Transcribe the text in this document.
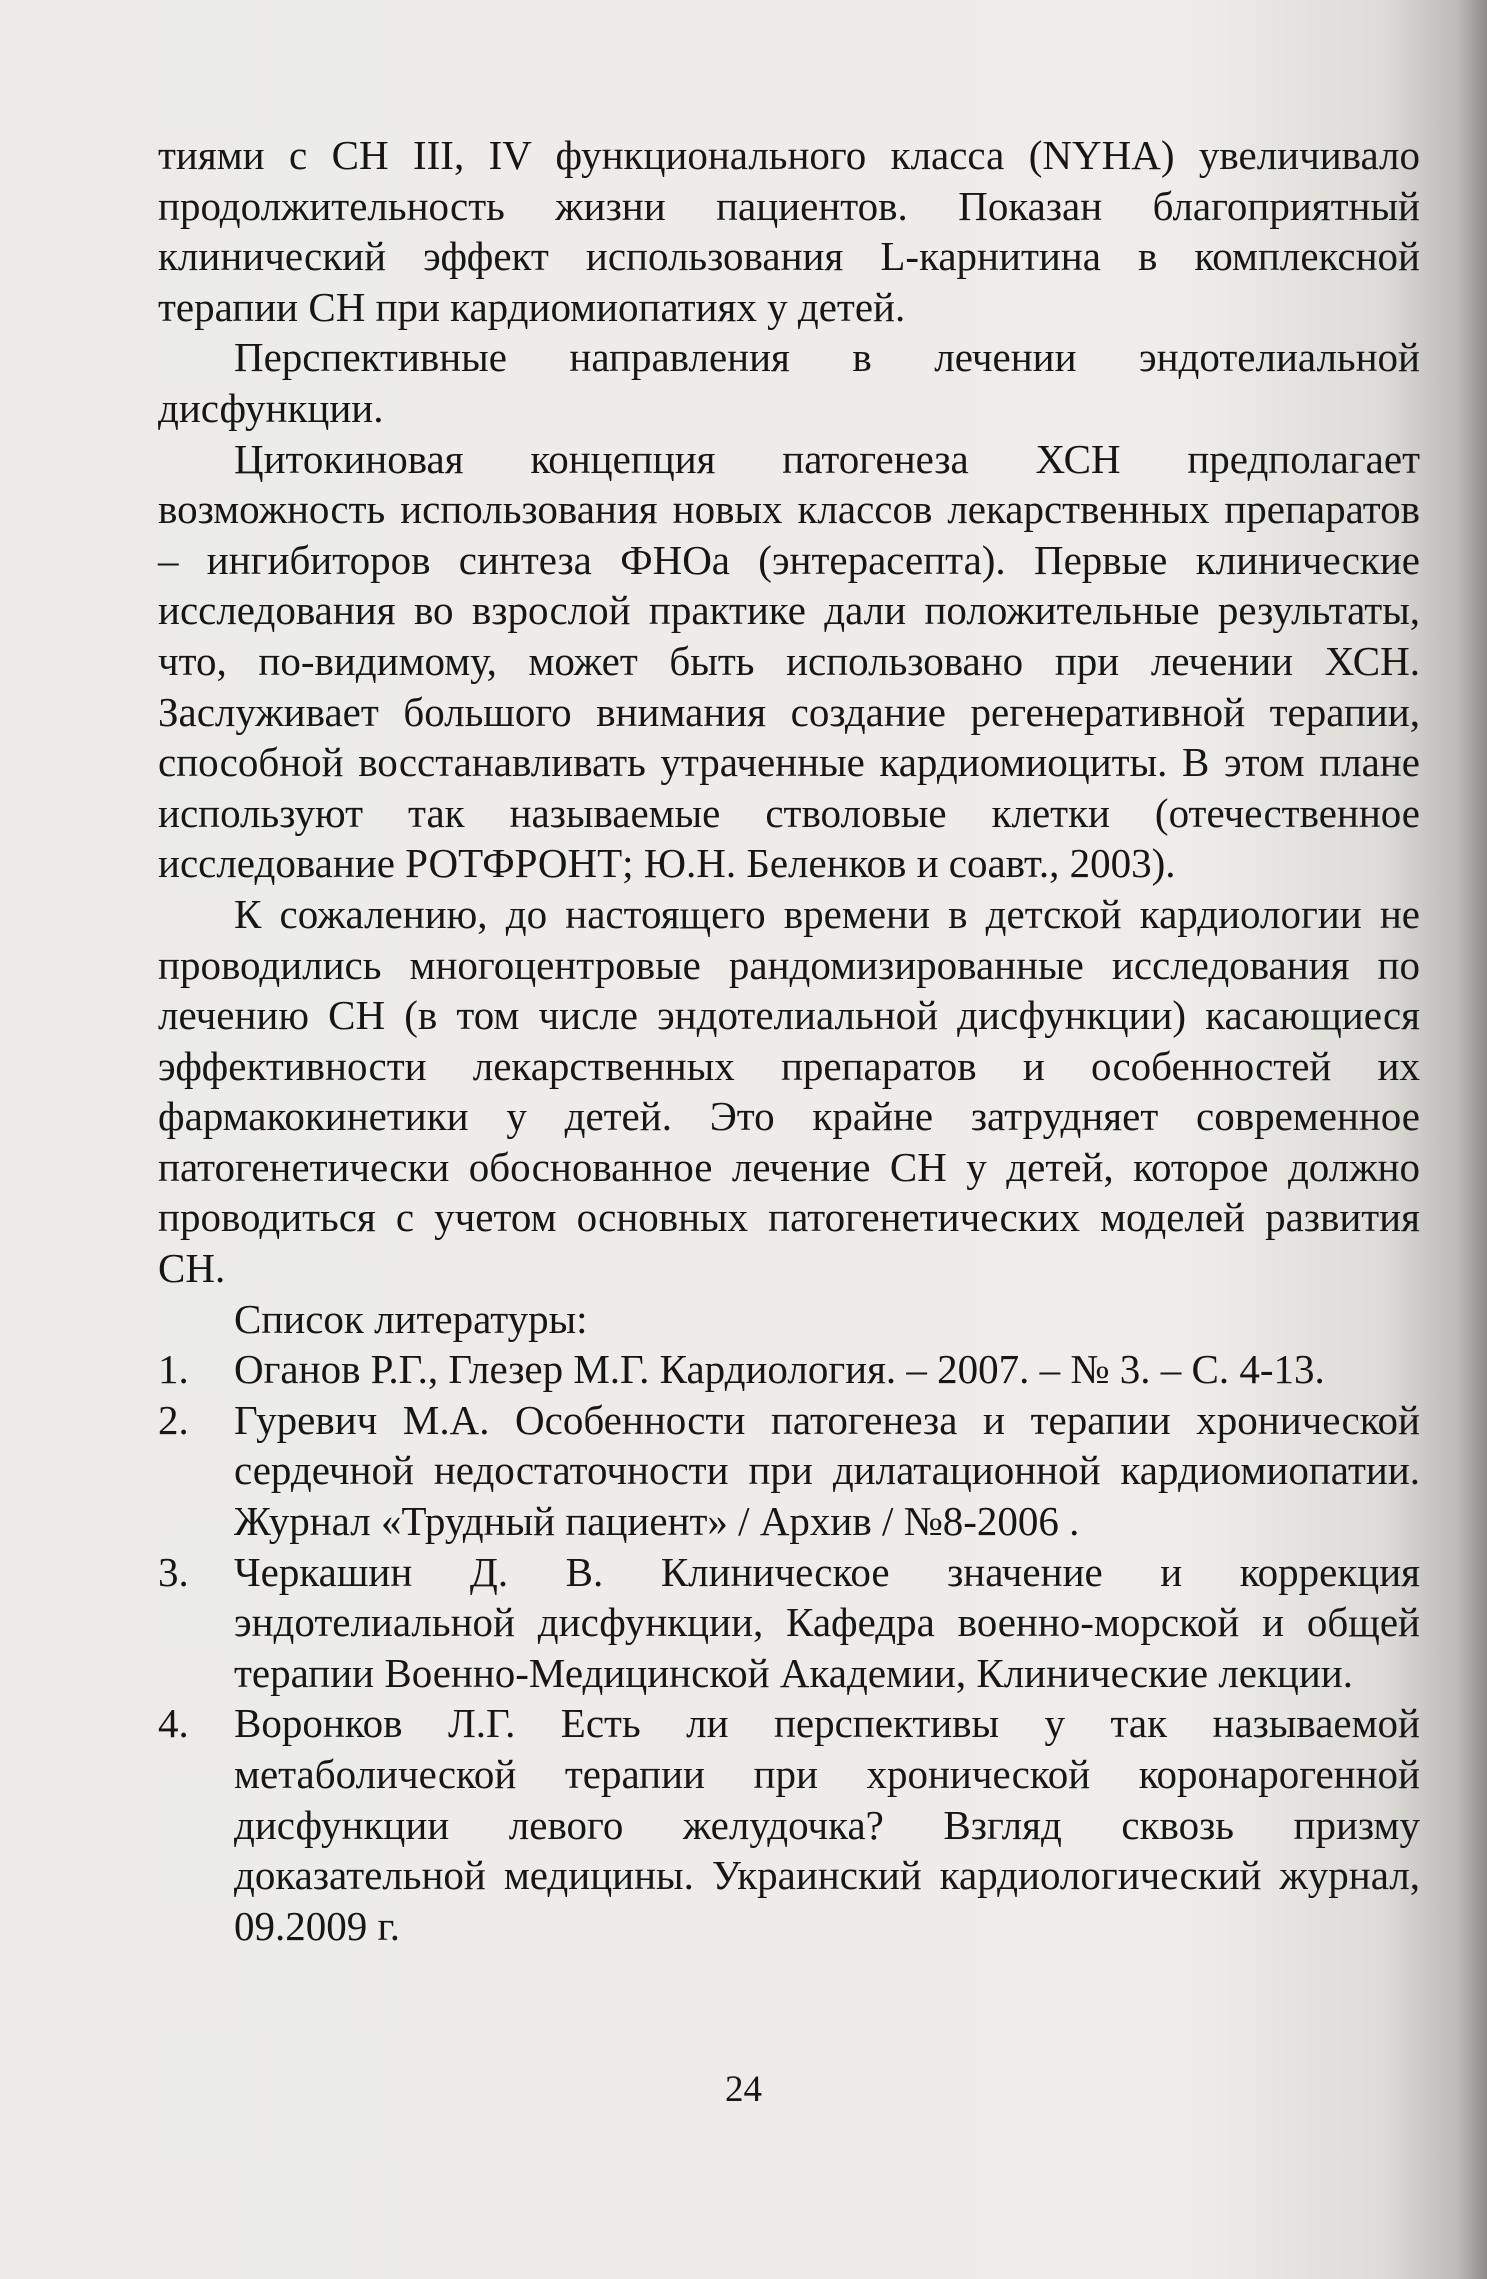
тиями с СН III, IV функционального класса (NYHA) увеличивало продолжительность жизни пациентов. Показан благоприятный клинический эффект использования L-карнитина в комплексной терапии СН при кардиомиопатиях у детей.

Перспективные направления в лечении эндотелиальной дисфункции.

Цитокиновая концепция патогенеза ХСН предполагает возможность использования новых классов лекарственных препаратов – ингибиторов синтеза ФНОа (энтерасепта). Первые клинические исследования во взрослой практике дали положительные результаты, что, по-видимому, может быть использовано при лечении ХСН. Заслуживает большого внимания создание регенеративной терапии, способной восстанавливать утраченные кардиомиоциты. В этом плане используют так называемые стволовые клетки (отечественное исследование РОТФРОНТ; Ю.Н. Беленков и соавт., 2003).

К сожалению, до настоящего времени в детской кардиологии не проводились многоцентровые рандомизированные исследования по лечению СН (в том числе эндотелиальной дисфункции) касающиеся эффективности лекарственных препаратов и особенностей их фармакокинетики у детей. Это крайне затрудняет современное патогенетически обоснованное лечение СН у детей, которое должно проводиться с учетом основных патогенетических моделей развития СН.

Список литературы:

1. Оганов Р.Г., Глезер М.Г. Кардиология. – 2007. – № 3. – С. 4-13.

2. Гуревич М.А. Особенности патогенеза и терапии хронической сердечной недостаточности при дилатационной кардиомиопатии. Журнал «Трудный пациент» / Архив / №8-2006 .

3. Черкашин Д. В. Клиническое значение и коррекция эндотелиальной дисфункции, Кафедра военно-морской и общей терапии Военно-Медицинской Академии, Клинические лекции.

4. Воронков Л.Г. Есть ли перспективы у так называемой метаболической терапии при хронической коронарогенной дисфункции левого желудочка? Взгляд сквозь призму доказательной медицины. Украинский кардиологический журнал, 09.2009 г.

24
